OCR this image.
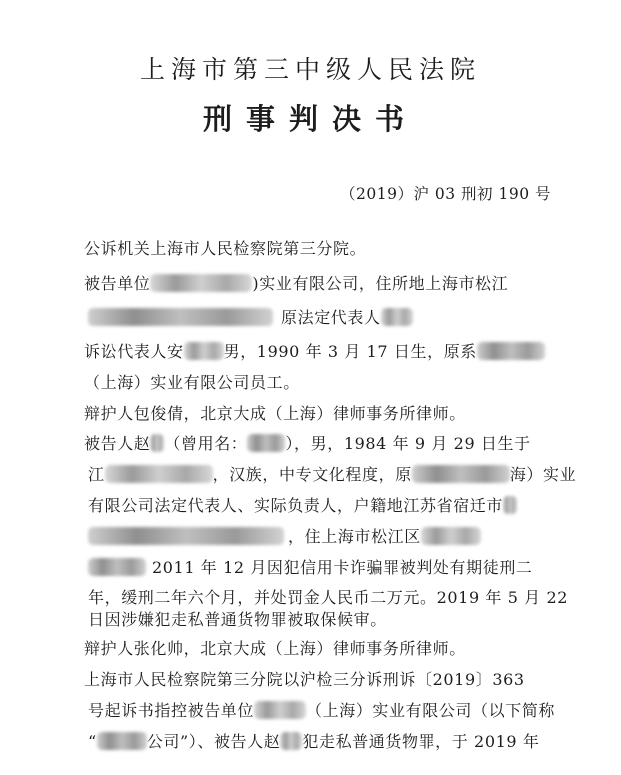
上海市第三中级人民法院
刑事判决书
（2019）沪 03 刑初 190 号
公诉机关上海市人民检察院第三分院。
被告单位	)实业有限公司，住所地上海市松江
原法定代表人
诉讼代表人安	男，1990 年 3 月 17 日生，原系
（上海）实业有限公司员工。
辩护人包俊倩，北京大成（上海）律师事务所律师。
被告人赵 （曾用名： ），男，1984 年 9 月 29 日生于
江	，汉族，中专文化程度，原	海）实业
有限公司法定代表人、实际负责人，户籍地江苏省宿迁市
，住上海市松江区
2011 年 12 月因犯信用卡诈骗罪被判处有期徒刑二
年，缓刑二年六个月，并处罚金人民币二万元。2019 年 5 月 22
日因涉嫌犯走私普通货物罪被取保候审。
辩护人张化帅，北京大成（上海）律师事务所律师。
上海市人民检察院第三分院以沪检三分诉刑诉〔2019〕363
号起诉书指控被告单位	（上海）实业有限公司（以下简称
“	公司”）、被告人赵 犯走私普通货物罪，于 2019 年
